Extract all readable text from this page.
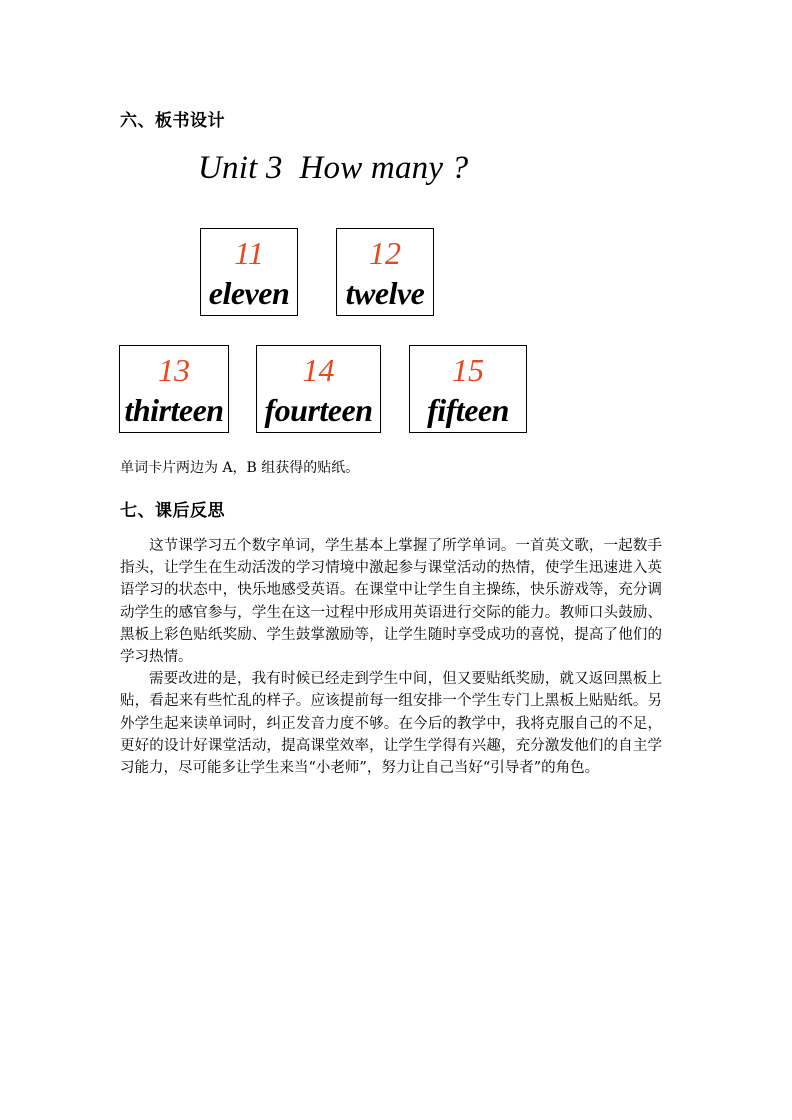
六、板书设计
Unit 3  How many ?
11
eleven
12
twelve
13
thirteen
14
fourteen
15
fifteen
单词卡片两边为 A，B 组获得的贴纸。
七、课后反思

这节课学习五个数字单词，学生基本上掌握了所学单词。一首英文歌，一起数手指头，让学生在生动活泼的学习情境中激起参与课堂活动的热情，使学生迅速进入英语学习的状态中，快乐地感受英语。在课堂中让学生自主操练，快乐游戏等，充分调动学生的感官参与，学生在这一过程中形成用英语进行交际的能力。教师口头鼓励、黑板上彩色贴纸奖励、学生鼓掌激励等，让学生随时享受成功的喜悦，提高了他们的学习热情。

需要改进的是，我有时候已经走到学生中间，但又要贴纸奖励，就又返回黑板上贴，看起来有些忙乱的样子。应该提前每一组安排一个学生专门上黑板上贴贴纸。另外学生起来读单词时，纠正发音力度不够。在今后的教学中，我将克服自己的不足，更好的设计好课堂活动，提高课堂效率，让学生学得有兴趣，充分激发他们的自主学习能力，尽可能多让学生来当“小老师”，努力让自己当好“引导者”的角色。
